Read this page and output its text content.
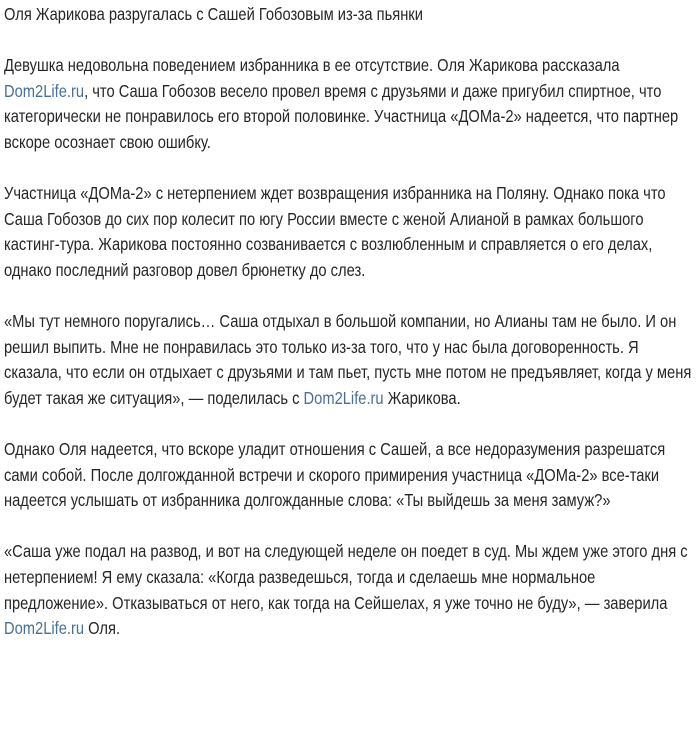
Оля Жарикова разругалась с Сашей Гобозовым из-за пьянки

Девушка недовольна поведением избранника в ее отсутствие. Оля Жарикова рассказала Dom2Life.ru, что Саша Гобозов весело провел время с друзьями и даже пригубил спиртное, что категорически не понравилось его второй половинке. Участница «ДОМа-2» надеется, что партнер вскоре осознает свою ошибку.

Участница «ДОМа-2» с нетерпением ждет возвращения избранника на Поляну. Однако пока что Саша Гобозов до сих пор колесит по югу России вместе с женой Алианой в рамках большого кастинг-тура. Жарикова постоянно созванивается с возлюбленным и справляется о его делах, однако последний разговор довел брюнетку до слез.

«Мы тут немного поругались… Саша отдыхал в большой компании, но Алианы там не было. И он решил выпить. Мне не понравилась это только из-за того, что у нас была договоренность. Я сказала, что если он отдыхает с друзьями и там пьет, пусть мне потом не предъявляет, когда у меня будет такая же ситуация», — поделилась с Dom2Life.ru Жарикова.

Однако Оля надеется, что вскоре уладит отношения с Сашей, а все недоразумения разрешатся сами собой. После долгожданной встречи и скорого примирения участница «ДОМа-2» все-таки надеется услышать от избранника долгожданные слова: «Ты выйдешь за меня замуж?»

«Саша уже подал на развод, и вот на следующей неделе он поедет в суд. Мы ждем уже этого дня с нетерпением! Я ему сказала: «Когда разведешься, тогда и сделаешь мне нормальное предложение». Отказываться от него, как тогда на Сейшелах, я уже точно не буду», — заверила Dom2Life.ru Оля.
